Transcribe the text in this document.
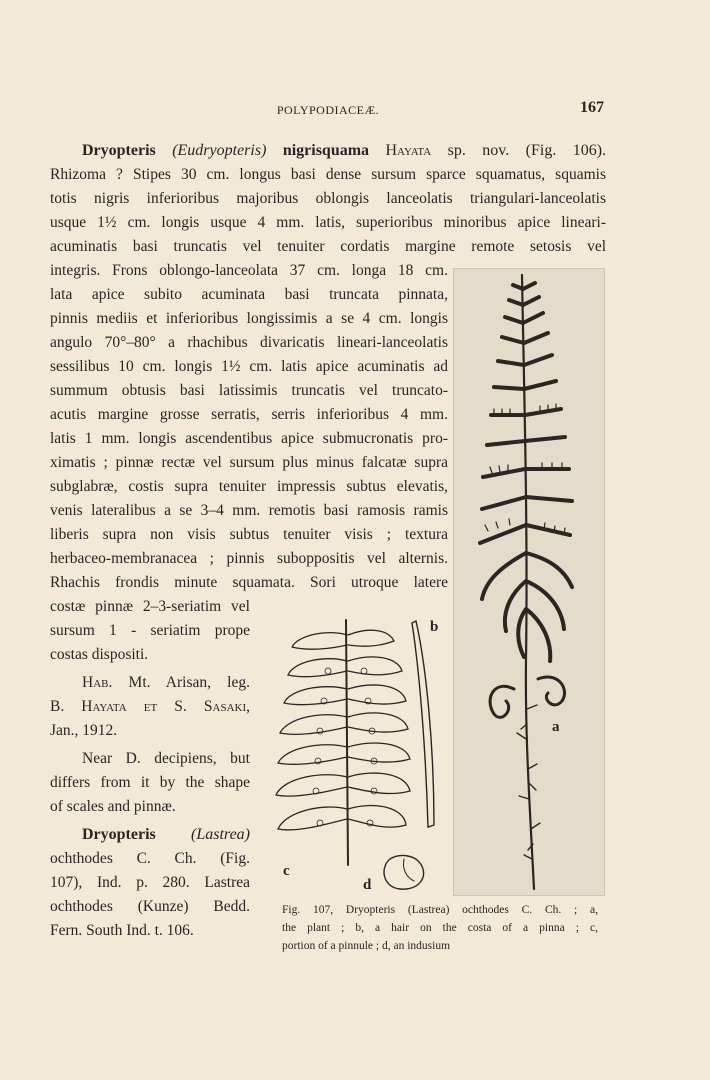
POLYPODIACEÆ.	167
Dryopteris (Eudryopteris) nigrisquama Hayata sp. nov. (Fig. 106).
Rhizoma ? Stipes 30 cm. longus basi dense sursum sparce squamatus, squamis
totis nigris inferioribus majoribus oblongis lanceolatis triangulari-lanceolatis
usque 1½ cm. longis usque 4 mm. latis, superioribus minoribus apice lineari-
acuminatis basi truncatis vel tenuiter cordatis margine remote setosis vel
integris. Frons oblongo-lanceolata 37 cm. longa 18 cm.
lata apice subito acuminata basi truncata pinnata,
pinnis mediis et inferioribus longissimis a se 4 cm. longis
angulo 70°–80° a rhachibus divaricatis lineari-lanceolatis
sessilibus 10 cm. longis 1½ cm. latis apice acuminatis ad
summum obtusis basi latissimis truncatis vel truncato-
acutis margine grosse serratis, serris inferioribus 4 mm.
latis 1 mm. longis ascendentibus apice submucronatis pro-
ximatis ; pinnæ rectæ vel sursum plus minus falcatæ supra
subglabræ, costis supra tenuiter impressis subtus elevatis,
venis lateralibus a se 3–4 mm. remotis basi ramosis ramis
liberis supra non visis subtus tenuiter visis ; textura
herbaceo-membranacea ; pinnis subоppositis vel alternis.
Rhachis frondis minute squamata. Sori utroque latere
costæ pinnæ 2–3-seriatim vel
sursum 1 - seriatim prope
costas dispositi.
Hab. Mt. Arisan, leg.
B. Hayata et S. Sasaki,
Jan., 1912.
Near D. decipiens, but
differs from it by the shape
of scales and pinnæ.
Dryopteris (Lastrea)
ochthodes C. Ch. (Fig.
107), Ind. p. 280. Lastrea
ochthodes (Kunze) Bedd.
Fern. South Ind. t. 106.
a
b
c
d
Fig. 107, Dryopteris (Lastrea) ochthodes C. Ch. ; a,
the plant ; b, a hair on the costa of a pinna ; c,
portion of a pinnule ; d, an indusium
